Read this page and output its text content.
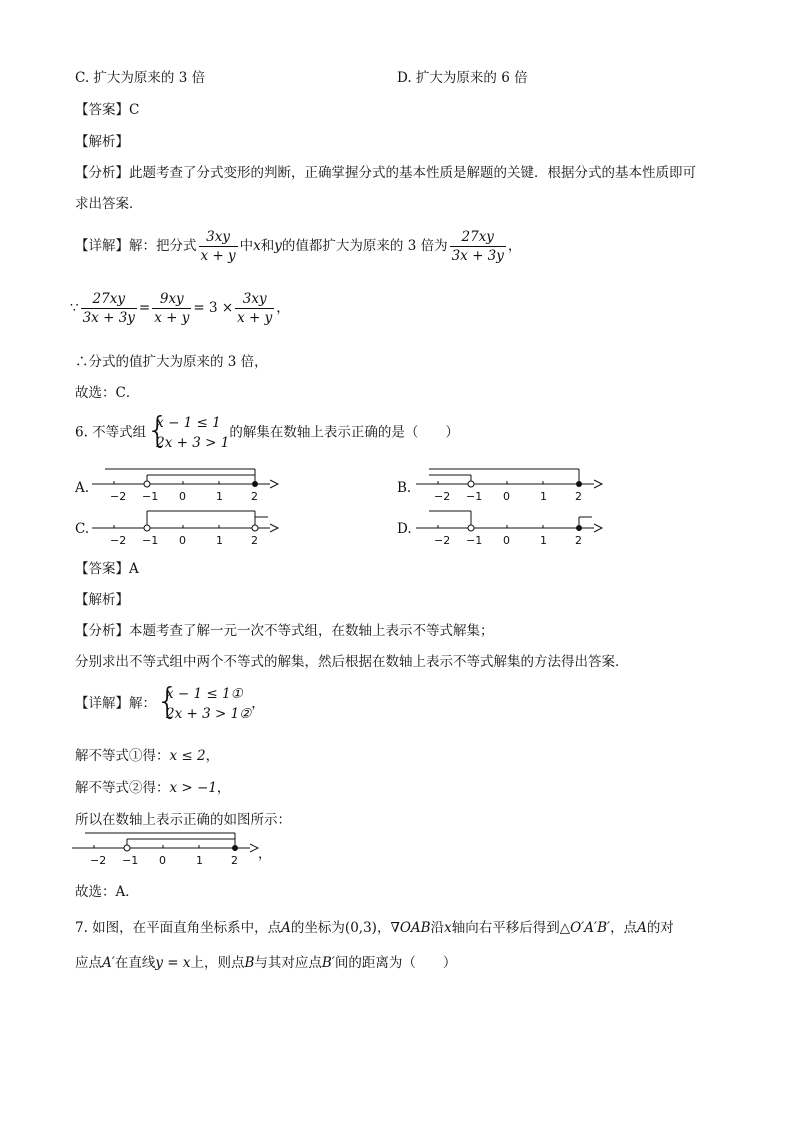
C. 扩大为原来的 3 倍	D. 扩大为原来的 6 倍
【答案】C
【解析】
【分析】此题考查了分式变形的判断，正确掌握分式的基本性质是解题的关键．根据分式的基本性质即可
求出答案．
【详解】解：把分式 $\frac{3xy}{x + y}$ 中x和y的值都扩大为原来的 3 倍为 $\frac{27xy}{3x + 3y}$ ，
∵ $\frac{27xy}{3x + 3y} = \frac{9xy}{x + y} = 3 \times \frac{3xy}{x + y}$ ，
∴分式的值扩大为原来的 3 倍，
故选：C．
6. 不等式组 {
x − 1 ≤ 1
2x + 3 > 1
的解集在数轴上表示正确的是（　　）
A.
−2 −1 0	1	2
B.
−2 −1 0	1	2
C.
−2 −1 0	1	2
D.
−2 −1 0	1	2
【答案】A
【解析】
【分析】本题考查了解一元一次不等式组，在数轴上表示不等式解集；
分别求出不等式组中两个不等式的解集，然后根据在数轴上表示不等式解集的方法得出答案．
【详解】解： {
x − 1 ≤ 1①
2x + 3 > 1②
，
解不等式①得：x ≤ 2，
解不等式②得：x > −1，
所以在数轴上表示正确的如图所示：
−2 −1 0	1	2 ，
故选：A．
7. 如图，在平面直角坐标系中，点A的坐标为(0,3)，∇OAB沿x轴向右平移后得到△O′A′B′，点A的对
应点A′在直线y = x上，则点B与其对应点B′间的距离为（　　）
